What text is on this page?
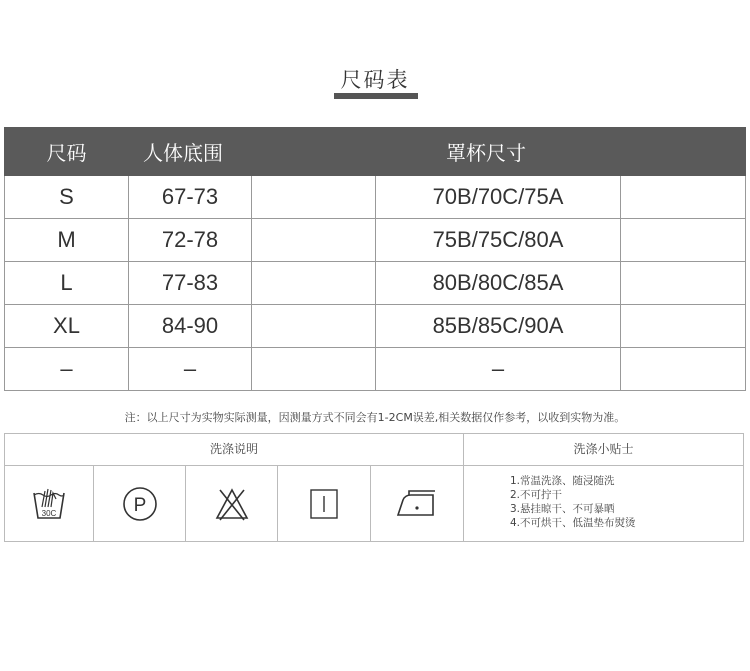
尺码表
尺码	人体底围		罩杯尺寸	
S	67-73		70B/70C/75A	
M	72-78		75B/75C/80A	
L	77-83		80B/80C/85A	
XL	84-90		85B/85C/90A	
–	–		–	
注：以上尺寸为实物实际测量，因测量方式不同会有1-2CM误差,相关数据仅作参考，以收到实物为准。
洗涤说明	洗涤小贴士
30C	P
1.常温洗涤、随浸随洗
2.不可拧干
3.悬挂晾干、不可暴晒
4.不可烘干、低温垫布熨烫
